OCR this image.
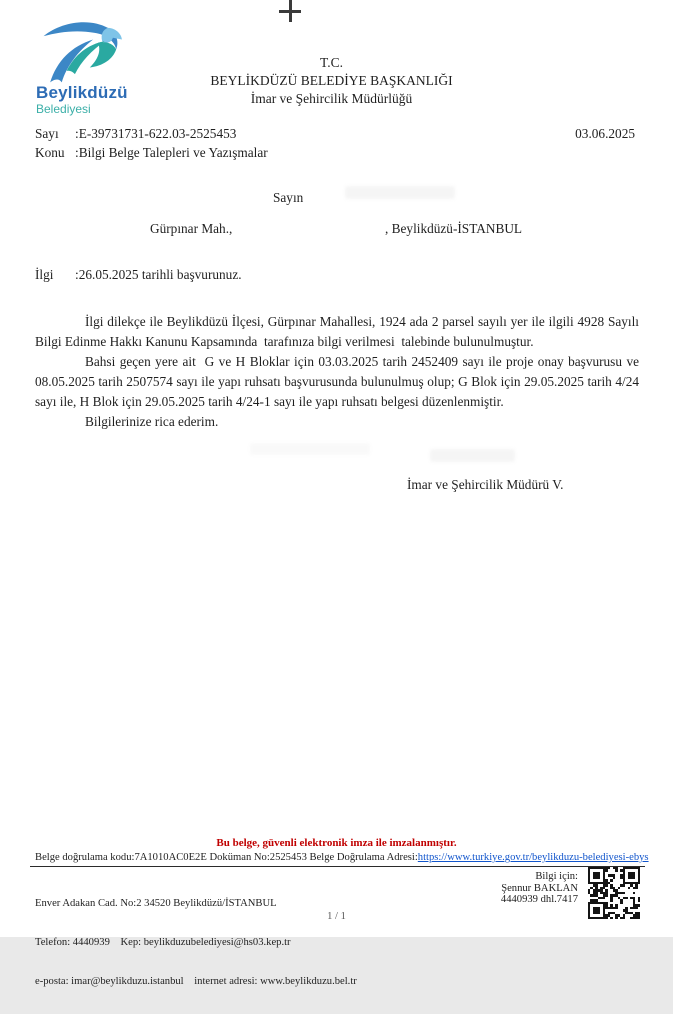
Beylikdüzü
Belediyesi
T.C.
BEYLİKDÜZÜ BELEDİYE BAŞKANLIĞI
İmar ve Şehircilik Müdürlüğü
Sayı	:E-39731731-622.03-2525453	03.06.2025
Konu :Bilgi Belge Talepleri ve Yazışmalar
Sayın
Gürpınar Mah.,	, Beylikdüzü-İSTANBUL
İlgi	:26.05.2025 tarihli başvurunuz.

İlgi dilekçe ile Beylikdüzü İlçesi, Gürpınar Mahallesi, 1924 ada 2 parsel sayılı yer ile ilgili 4928 Sayılı Bilgi Edinme Hakkı Kanunu Kapsamında  tarafınıza bilgi verilmesi  talebinde bulunulmuştur.

Bahsi geçen yere ait  G ve H Bloklar için 03.03.2025 tarih 2452409 sayı ile proje onay başvurusu ve 08.05.2025 tarih 2507574 sayı ile yapı ruhsatı başvurusunda bulunulmuş olup; G Blok için 29.05.2025 tarih 4/24 sayı ile, H Blok için 29.05.2025 tarih 4/24-1 sayı ile yapı ruhsatı belgesi düzenlenmiştir.

Bilgilerinize rica ederim.

İmar ve Şehircilik Müdürü V.
Bu belge, güvenli elektronik imza ile imzalanmıştır.
Belge doğrulama kodu:7A1010AC0E2E Doküman No:2525453 Belge Doğrulama Adresi:https://www.turkiye.gov.tr/beylikduzu-belediyesi-ebys

Enver Adakan Cad. No:2 34520 Beylikdüzü/İSTANBUL

Telefon: 4440939    Kep: beylikduzubelediyesi@hs03.kep.tr

e-posta: imar@beylikduzu.istanbul    internet adresi: www.beylikduzu.bel.tr

Bilgi için:
Şennur BAKLAN
4440939 dhl.7417
1 / 1
